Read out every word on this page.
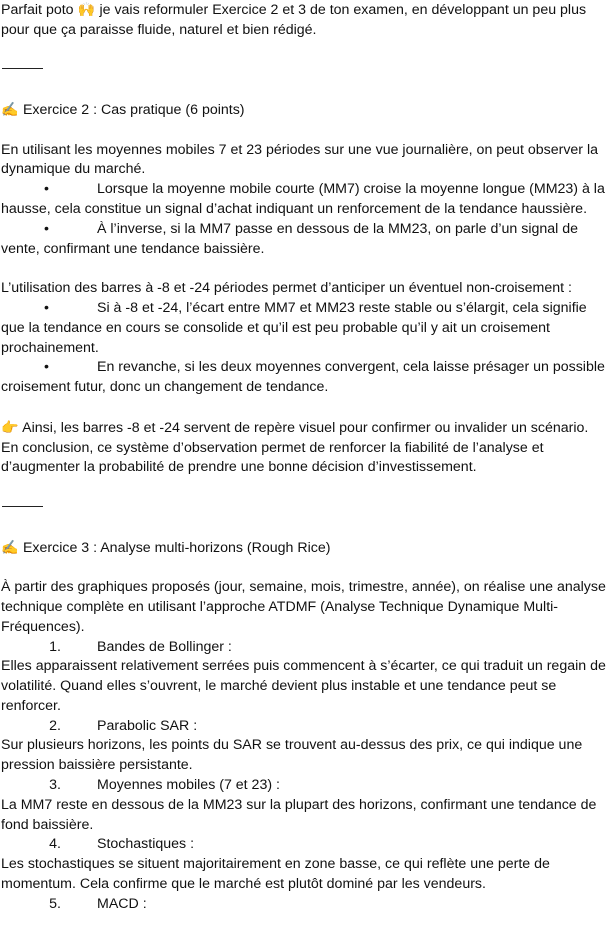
Parfait poto 🙌 je vais reformuler Exercice 2 et 3 de ton examen, en développant un peu plus pour que ça paraisse fluide, naturel et bien rédigé.

✍️ Exercice 2 : Cas pratique (6 points)

En utilisant les moyennes mobiles 7 et 23 périodes sur une vue journalière, on peut observer la dynamique du marché.

•	Lorsque la moyenne mobile courte (MM7) croise la moyenne longue (MM23) à la hausse, cela constitue un signal d’achat indiquant un renforcement de la tendance haussière.

•	À l’inverse, si la MM7 passe en dessous de la MM23, on parle d’un signal de vente, confirmant une tendance baissière.

L’utilisation des barres à -8 et -24 périodes permet d’anticiper un éventuel non-croisement :

•	Si à -8 et -24, l’écart entre MM7 et MM23 reste stable ou s’élargit, cela signifie que la tendance en cours se consolide et qu’il est peu probable qu’il y ait un croisement prochainement.

•	En revanche, si les deux moyennes convergent, cela laisse présager un possible croisement futur, donc un changement de tendance.

👉 Ainsi, les barres -8 et -24 servent de repère visuel pour confirmer ou invalider un scénario.

En conclusion, ce système d’observation permet de renforcer la fiabilité de l’analyse et d’augmenter la probabilité de prendre une bonne décision d’investissement.

✍️ Exercice 3 : Analyse multi-horizons (Rough Rice)

À partir des graphiques proposés (jour, semaine, mois, trimestre, année), on réalise une analyse technique complète en utilisant l’approche ATDMF (Analyse Technique Dynamique Multi-Fréquences).

1.	Bandes de Bollinger :

Elles apparaissent relativement serrées puis commencent à s’écarter, ce qui traduit un regain de volatilité. Quand elles s’ouvrent, le marché devient plus instable et une tendance peut se renforcer.

2.	Parabolic SAR :

Sur plusieurs horizons, les points du SAR se trouvent au-dessus des prix, ce qui indique une pression baissière persistante.

3.	Moyennes mobiles (7 et 23) :

La MM7 reste en dessous de la MM23 sur la plupart des horizons, confirmant une tendance de fond baissière.

4.	Stochastiques :

Les stochastiques se situent majoritairement en zone basse, ce qui reflète une perte de momentum. Cela confirme que le marché est plutôt dominé par les vendeurs.

5.	MACD :
